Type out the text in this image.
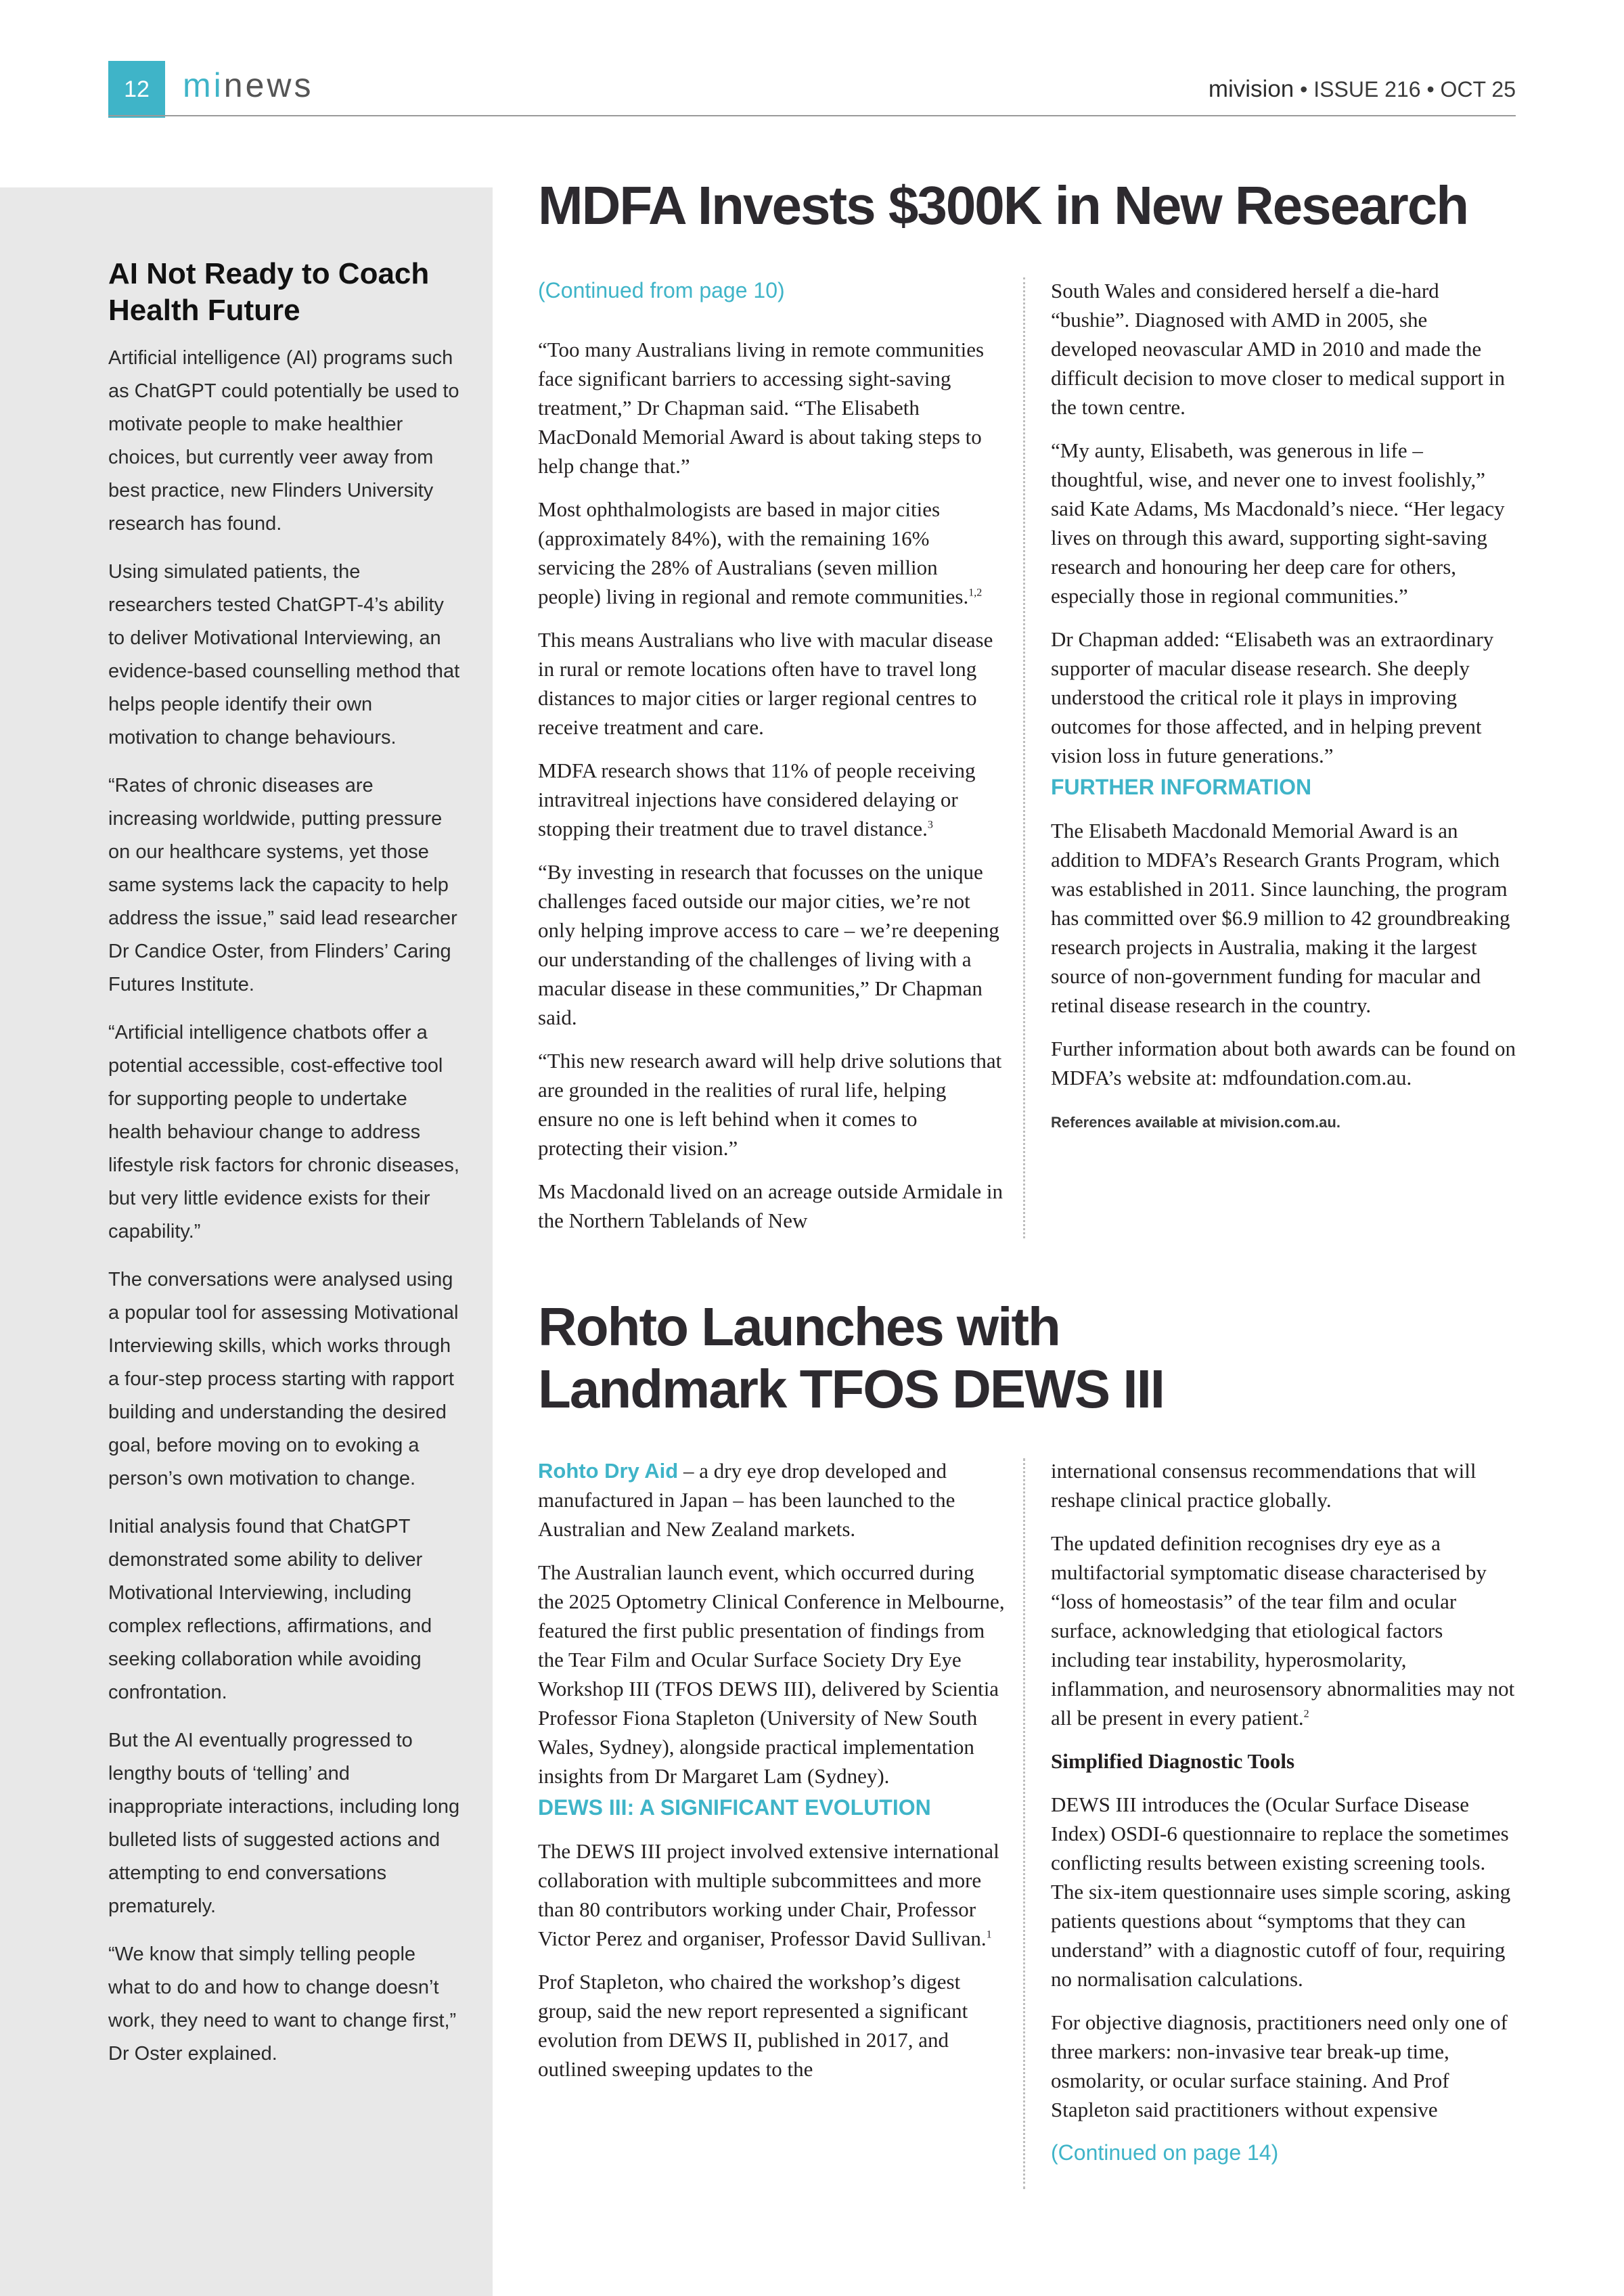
12 minews	mivision • ISSUE 216 • OCT 25
AI Not Ready to Coach Health Future

Artificial intelligence (AI) programs such as ChatGPT could potentially be used to motivate people to make healthier choices, but currently veer away from best practice, new Flinders University research has found.

Using simulated patients, the researchers tested ChatGPT-4’s ability to deliver Motivational Interviewing, an evidence-based counselling method that helps people identify their own motivation to change behaviours.

“Rates of chronic diseases are increasing worldwide, putting pressure on our healthcare systems, yet those same systems lack the capacity to help address the issue,” said lead researcher Dr Candice Oster, from Flinders’ Caring Futures Institute.

“Artificial intelligence chatbots offer a potential accessible, cost-effective tool for supporting people to undertake health behaviour change to address lifestyle risk factors for chronic diseases, but very little evidence exists for their capability.”

The conversations were analysed using a popular tool for assessing Motivational Interviewing skills, which works through a four-step process starting with rapport building and understanding the desired goal, before moving on to evoking a person’s own motivation to change.

Initial analysis found that ChatGPT demonstrated some ability to deliver Motivational Interviewing, including complex reflections, affirmations, and seeking collaboration while avoiding confrontation.

But the AI eventually progressed to lengthy bouts of ‘telling’ and inappropriate interactions, including long bulleted lists of suggested actions and attempting to end conversations prematurely.

“We know that simply telling people what to do and how to change doesn’t work, they need to want to change first,” Dr Oster explained.

MDFA Invests $300K in New Research

(Continued from page 10)

“Too many Australians living in remote communities face significant barriers to accessing sight-saving treatment,” Dr Chapman said. “The Elisabeth MacDonald Memorial Award is about taking steps to help change that.”

Most ophthalmologists are based in major cities (approximately 84%), with the remaining 16% servicing the 28% of Australians (seven million people) living in regional and remote communities.$^{1,2}$

This means Australians who live with macular disease in rural or remote locations often have to travel long distances to major cities or larger regional centres to receive treatment and care.

MDFA research shows that 11% of people receiving intravitreal injections have considered delaying or stopping their treatment due to travel distance.$^3$

“By investing in research that focusses on the unique challenges faced outside our major cities, we’re not only helping improve access to care – we’re deepening our understanding of the challenges of living with a macular disease in these communities,” Dr Chapman said.

“This new research award will help drive solutions that are grounded in the realities of rural life, helping ensure no one is left behind when it comes to protecting their vision.”

Ms Macdonald lived on an acreage outside Armidale in the Northern Tablelands of New

South Wales and considered herself a die-hard “bushie”. Diagnosed with AMD in 2005, she developed neovascular AMD in 2010 and made the difficult decision to move closer to medical support in the town centre.

“My aunty, Elisabeth, was generous in life – thoughtful, wise, and never one to invest foolishly,” said Kate Adams, Ms Macdonald’s niece. “Her legacy lives on through this award, supporting sight-saving research and honouring her deep care for others, especially those in regional communities.”

Dr Chapman added: “Elisabeth was an extraordinary supporter of macular disease research. She deeply understood the critical role it plays in improving outcomes for those affected, and in helping prevent vision loss in future generations.”

FURTHER INFORMATION

The Elisabeth Macdonald Memorial Award is an addition to MDFA’s Research Grants Program, which was established in 2011. Since launching, the program has committed over $6.9 million to 42 groundbreaking research projects in Australia, making it the largest source of non-government funding for macular and retinal disease research in the country.

Further information about both awards can be found on MDFA’s website at: mdfoundation.com.au.

References available at mivision.com.au.

Rohto Launches with
Landmark TFOS DEWS III

Rohto Dry Aid – a dry eye drop developed and manufactured in Japan – has been launched to the Australian and New Zealand markets.

The Australian launch event, which occurred during the 2025 Optometry Clinical Conference in Melbourne, featured the first public presentation of findings from the Tear Film and Ocular Surface Society Dry Eye Workshop III (TFOS DEWS III), delivered by Scientia Professor Fiona Stapleton (University of New South Wales, Sydney), alongside practical implementation insights from Dr Margaret Lam (Sydney).

DEWS III: A SIGNIFICANT EVOLUTION

The DEWS III project involved extensive international collaboration with multiple subcommittees and more than 80 contributors working under Chair, Professor Victor Perez and organiser, Professor David Sullivan.$^1$

Prof Stapleton, who chaired the workshop’s digest group, said the new report represented a significant evolution from DEWS II, published in 2017, and outlined sweeping updates to the

international consensus recommendations that will reshape clinical practice globally.

The updated definition recognises dry eye as a multifactorial symptomatic disease characterised by “loss of homeostasis” of the tear film and ocular surface, acknowledging that etiological factors including tear instability, hyperosmolarity, inflammation, and neurosensory abnormalities may not all be present in every patient.$^2$

Simplified Diagnostic Tools

DEWS III introduces the (Ocular Surface Disease Index) OSDI-6 questionnaire to replace the sometimes conflicting results between existing screening tools. The six-item questionnaire uses simple scoring, asking patients questions about “symptoms that they can understand” with a diagnostic cutoff of four, requiring no normalisation calculations.

For objective diagnosis, practitioners need only one of three markers: non-invasive tear break-up time, osmolarity, or ocular surface staining. And Prof Stapleton said practitioners without expensive

(Continued on page 14)
